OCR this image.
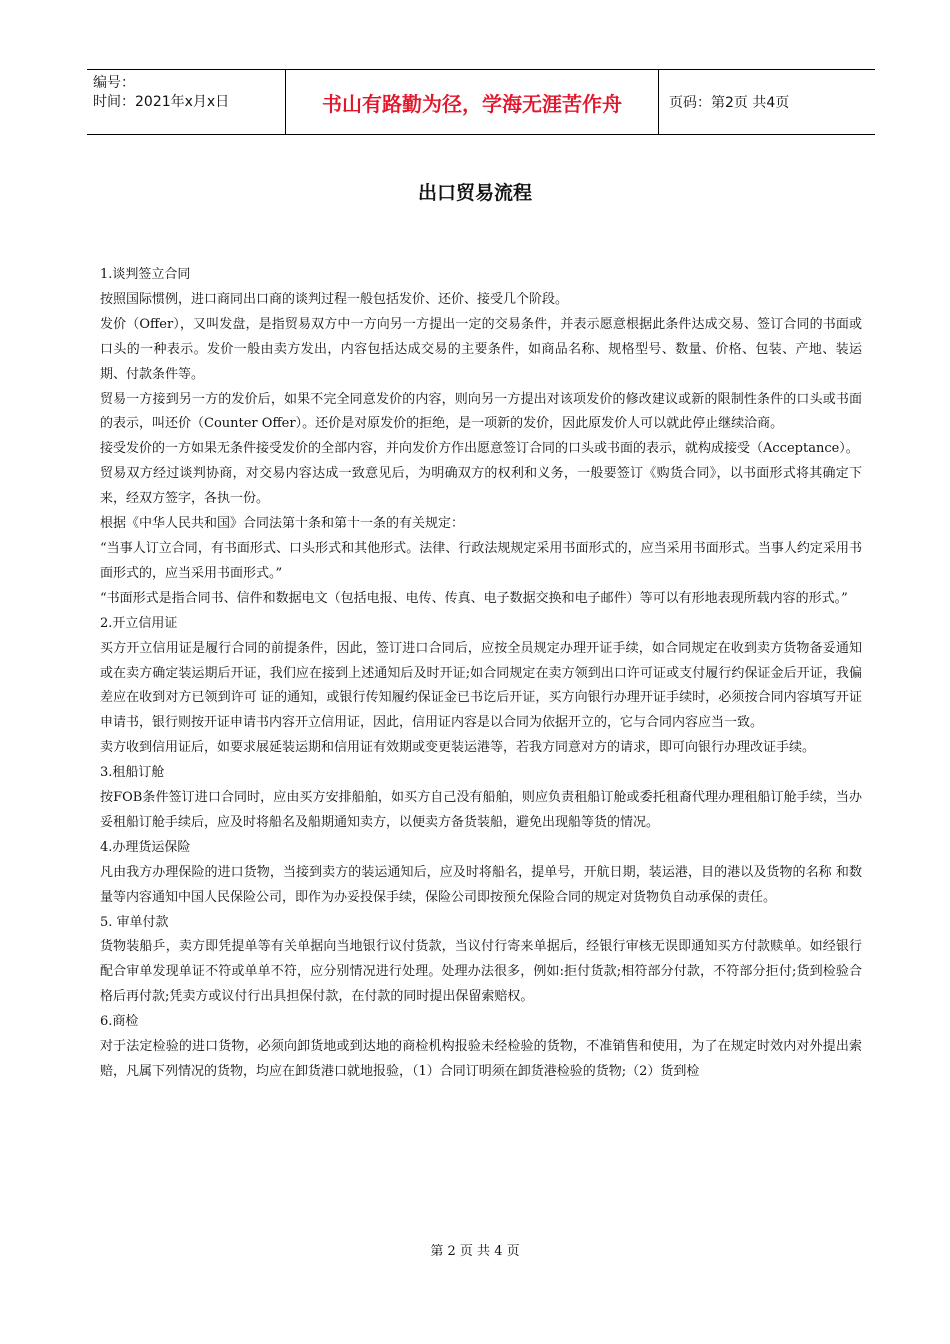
编号：
时间：2021年x月x日	书山有路勤为径，学海无涯苦作舟	页码：第2页 共4页
出口贸易流程

1.谈判签立合同

按照国际惯例，进口商同出口商的谈判过程一般包括发价、还价、接受几个阶段。

发价（Offer），又叫发盘，是指贸易双方中一方向另一方提出一定的交易条件，并表示愿意根据此条件达成交易、签订合同的书面或口头的一种表示。发价一般由卖方发出，内容包括达成交易的主要条件，如商品名称、规格型号、数量、价格、包装、产地、装运期、付款条件等。

贸易一方接到另一方的发价后，如果不完全同意发价的内容，则向另一方提出对该项发价的修改建议或新的限制性条件的口头或书面的表示，叫还价（Counter Offer）。还价是对原发价的拒绝，是一项新的发价，因此原发价人可以就此停止继续洽商。

接受发价的一方如果无条件接受发价的全部内容，并向发价方作出愿意签订合同的口头或书面的表示，就构成接受（Acceptance）。

贸易双方经过谈判协商，对交易内容达成一致意见后，为明确双方的权利和义务，一般要签订《购货合同》，以书面形式将其确定下来，经双方签字，各执一份。

根据《中华人民共和国》合同法第十条和第十一条的有关规定：

“当事人订立合同，有书面形式、口头形式和其他形式。法律、行政法规规定采用书面形式的，应当采用书面形式。当事人约定采用书面形式的，应当采用书面形式。”

“书面形式是指合同书、信件和数据电文（包括电报、电传、传真、电子数据交换和电子邮件）等可以有形地表现所载内容的形式。”

2.开立信用证

买方开立信用证是履行合同的前提条件，因此，签订进口合同后，应按全员规定办理开证手续，如合同规定在收到卖方货物备妥通知或在卖方确定装运期后开证，我们应在接到上述通知后及时开证;如合同规定在卖方领到出口许可证或支付履行约保证金后开证，我偏差应在收到对方已领到许可 证的通知，或银行传知履约保证金已书讫后开证，买方向银行办理开证手续时，必须按合同内容填写开证申请书，银行则按开证申请书内容开立信用证，因此，信用证内容是以合同为依据开立的，它与合同内容应当一致。

卖方收到信用证后，如要求展延装运期和信用证有效期或变更装运港等，若我方同意对方的请求，即可向银行办理改证手续。

3.租船订舱

按FOB条件签订进口合同时，应由买方安排船舶，如买方自己没有船舶，则应负责租船订舱或委托租裔代理办理租船订舱手续，当办妥租船订舱手续后，应及时将船名及船期通知卖方，以便卖方备货装船，避免出现船等货的情况。

4.办理货运保险

凡由我方办理保险的进口货物，当接到卖方的装运通知后，应及时将船名，提单号，开航日期，装运港，目的港以及货物的名称 和数量等内容通知中国人民保险公司，即作为办妥投保手续，保险公司即按预允保险合同的规定对货物负自动承保的责任。

5. 审单付款

货物装船乒，卖方即凭提单等有关单据向当地银行议付货款，当议付行寄来单据后，经银行审核无误即通知买方付款赎单。如经银行配合审单发现单证不符或单单不符，应分别情况进行处理。处理办法很多，例如:拒付货款;相符部分付款，不符部分拒付;货到检验合格后再付款;凭卖方或议付行出具担保付款，在付款的同时提出保留索赔权。

6.商检

对于法定检验的进口货物，必须向卸货地或到达地的商检机构报验未经检验的货物，不准销售和使用，为了在规定时效内对外提出索赔，凡属下列情况的货物，均应在卸货港口就地报验，（1）合同订明须在卸货港检验的货物;（2）货到检

第 2 页 共 4 页
